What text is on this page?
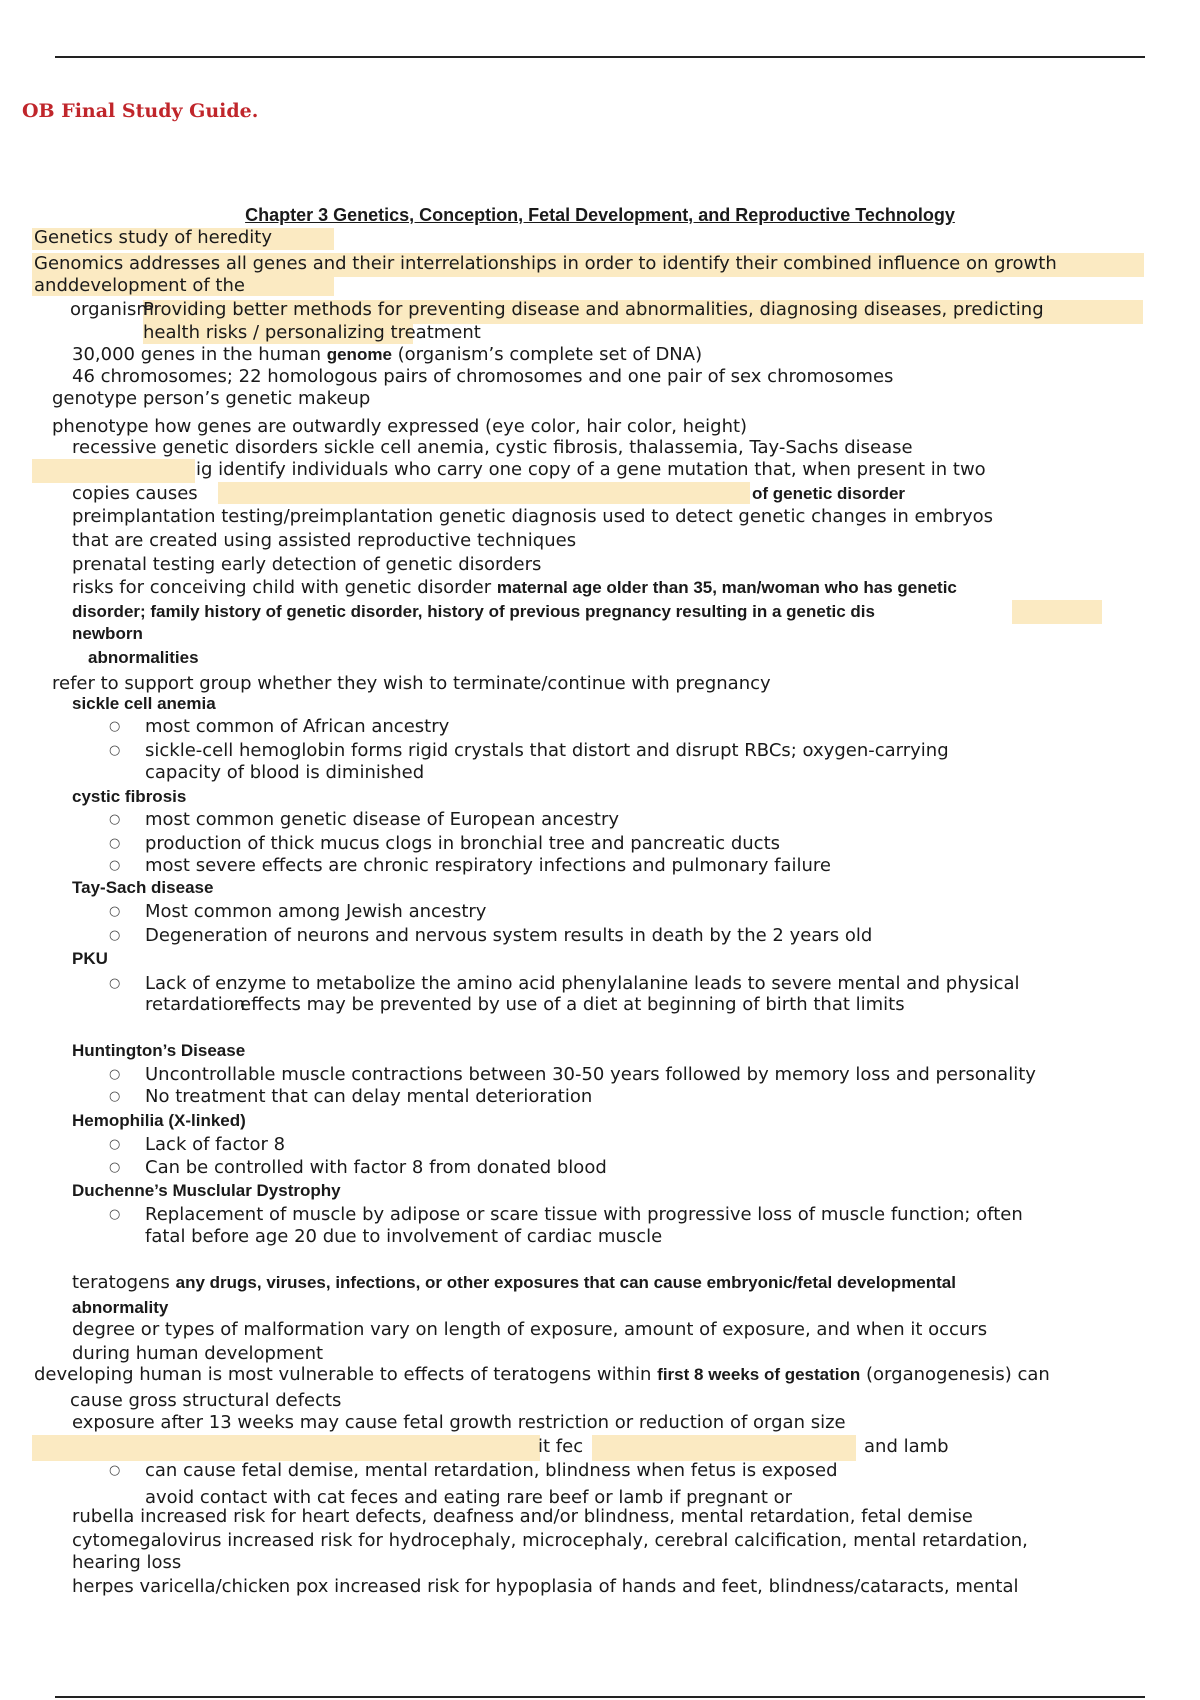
OB Final Study Guide.
Chapter 3 Genetics, Conception, Fetal Development, and Reproductive Technology
Genetics study of heredity
Genomics addresses all genes and their interrelationships in order to identify their combined influence on growth
anddevelopment of the
organism
Providing better methods for preventing disease and abnormalities, diagnosing diseases, predicting
health risks / personalizing treatment
30,000 genes in the human genome (organism’s complete set of DNA)
46 chromosomes; 22 homologous pairs of chromosomes and one pair of sex chromosomes
genotype person’s genetic makeup
phenotype how genes are outwardly expressed (eye color, hair color, height)
recessive genetic disorders sickle cell anemia, cystic fibrosis, thalassemia, Tay-Sachs disease
ig identify individuals who carry one copy of a gene mutation that, when present in two
copies causes	of genetic disorder
preimplantation testing/preimplantation genetic diagnosis used to detect genetic changes in embryos
that are created using assisted reproductive techniques
prenatal testing early detection of genetic disorders
risks for conceiving child with genetic disorder maternal age older than 35, man/woman who has genetic
disorder; family history of genetic disorder, history of previous pregnancy resulting in a genetic dis
newborn
abnormalities
refer to support group whether they wish to terminate/continue with pregnancy
sickle cell anemia
○ most common of African ancestry
○ sickle-cell hemoglobin forms rigid crystals that distort and disrupt RBCs; oxygen-carrying
capacity of blood is diminished
cystic fibrosis
○ most common genetic disease of European ancestry
○ production of thick mucus clogs in bronchial tree and pancreatic ducts
○ most severe effects are chronic respiratory infections and pulmonary failure
Tay-Sach disease
○ Most common among Jewish ancestry
○ Degeneration of neurons and nervous system results in death by the 2 years old
PKU
○ Lack of enzyme to metabolize the amino acid phenylalanine leads to severe mental and physical
retardation
effects may be prevented by use of a diet at beginning of birth that limits
Huntington’s Disease
○ Uncontrollable muscle contractions between 30-50 years followed by memory loss and personality
○ No treatment that can delay mental deterioration
Hemophilia (X-linked)
○ Lack of factor 8
○ Can be controlled with factor 8 from donated blood
Duchenne’s Musclular Dystrophy
○ Replacement of muscle by adipose or scare tissue with progressive loss of muscle function; often
fatal before age 20 due to involvement of cardiac muscle
teratogens any drugs, viruses, infections, or other exposures that can cause embryonic/fetal developmental
abnormality
degree or types of malformation vary on length of exposure, amount of exposure, and when it occurs
during human development
developing human is most vulnerable to effects of teratogens within first 8 weeks of gestation (organogenesis) can
cause gross structural defects
exposure after 13 weeks may cause fetal growth restriction or reduction of organ size
it fec	and lamb
○ can cause fetal demise, mental retardation, blindness when fetus is exposed
avoid contact with cat feces and eating rare beef or lamb if pregnant or
rubella increased risk for heart defects, deafness and/or blindness, mental retardation, fetal demise
cytomegalovirus increased risk for hydrocephaly, microcephaly, cerebral calcification, mental retardation,
hearing loss
herpes varicella/chicken pox increased risk for hypoplasia of hands and feet, blindness/cataracts, mental
